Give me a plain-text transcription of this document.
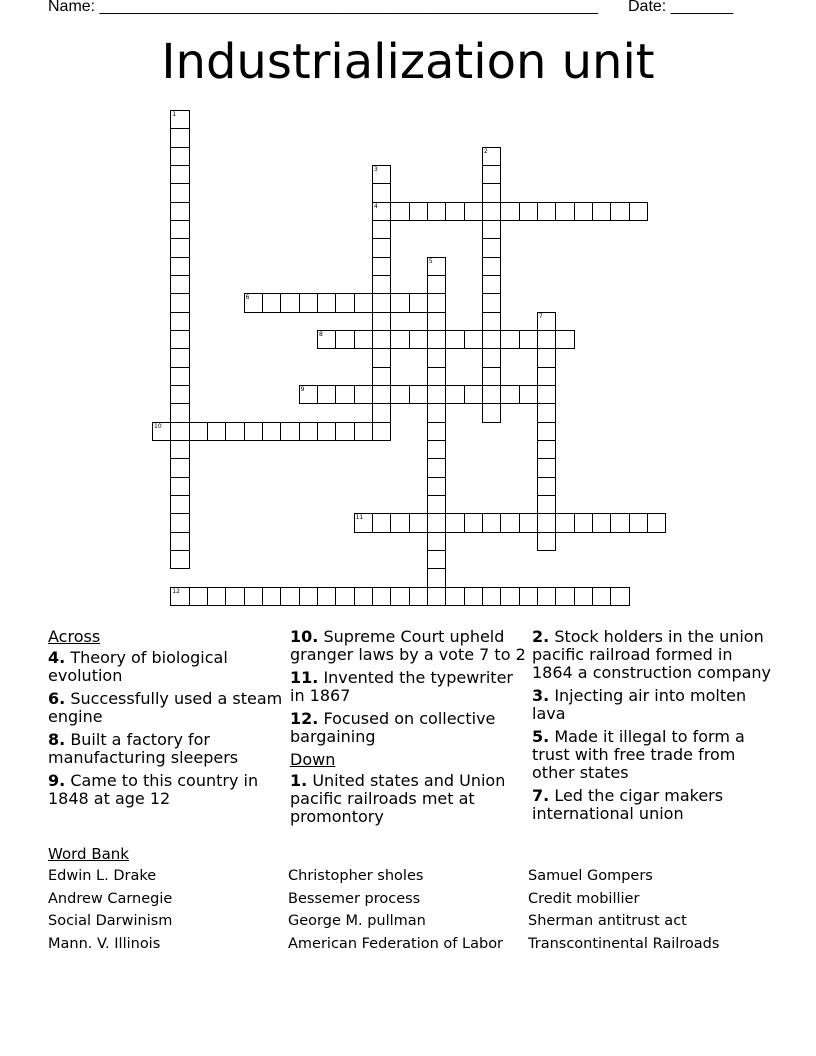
Name: ________________________________________________________ Date: _______
Industrialization unit
1
2
3
4
5
6
7
8
9
10
11
12
Across
4. Theory of biological evolution
6. Successfully used a steam engine
8. Built a factory for manufacturing sleepers
9. Came to this country in 1848 at age 12
10. Supreme Court upheld granger laws by a vote 7 to 2
11. Invented the typewriter in 1867
12. Focused on collective bargaining
Down
1. United states and Union pacific railroads met at promontory
2. Stock holders in the union pacific railroad formed in 1864 a construction company
3. Injecting air into molten lava
5. Made it illegal to form a trust with free trade from other states
7. Led the cigar makers international union
Word Bank
Edwin L. Drake
Andrew Carnegie
Social Darwinism
Mann. V. Illinois
Christopher sholes
Bessemer process
George M. pullman
American Federation of Labor
Samuel Gompers
Credit mobillier
Sherman antitrust act
Transcontinental Railroads
